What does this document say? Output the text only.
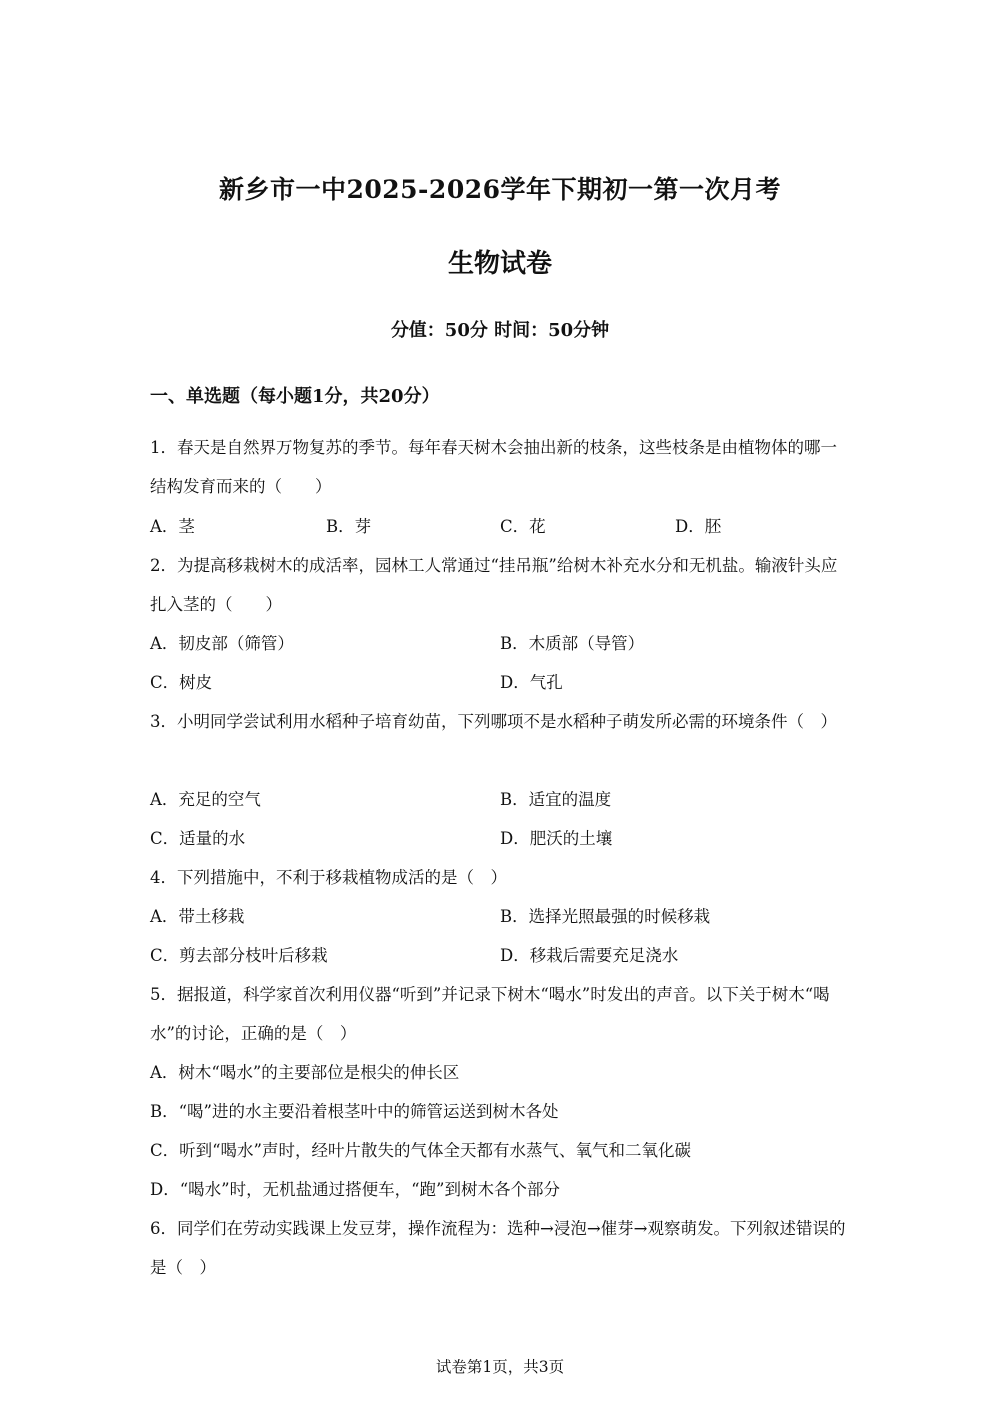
新乡市一中2025-2026学年下期初一第一次月考
生物试卷
分值：50分 时间：50分钟
一、单选题（每小题1分，共20分）

1．春天是自然界万物复苏的季节。每年春天树木会抽出新的枝条，这些枝条是由植物体的哪一结构发育而来的（　　）

A．茎	B．芽	C．花	D．胚

2．为提高移栽树木的成活率，园林工人常通过“挂吊瓶”给树木补充水分和无机盐。输液针头应扎入茎的（　　）

A．韧皮部（筛管）	B．木质部（导管）
C．树皮	D．气孔

3．小明同学尝试利用水稻种子培育幼苗，下列哪项不是水稻种子萌发所必需的环境条件（　）

A．充足的空气	B．适宜的温度
C．适量的水	D．肥沃的土壤

4．下列措施中，不利于移栽植物成活的是（　）

A．带土移栽	B．选择光照最强的时候移栽
C．剪去部分枝叶后移栽	D．移栽后需要充足浇水

5．据报道，科学家首次利用仪器“听到”并记录下树木“喝水”时发出的声音。以下关于树木“喝水”的讨论，正确的是（　）

A．树木“喝水”的主要部位是根尖的伸长区
B．“喝”进的水主要沿着根茎叶中的筛管运送到树木各处
C．听到“喝水”声时，经叶片散失的气体全天都有水蒸气、氧气和二氧化碳
D．“喝水”时，无机盐通过搭便车，“跑”到树木各个部分

6．同学们在劳动实践课上发豆芽，操作流程为：选种→浸泡→催芽→观察萌发。下列叙述错误的是（　）

试卷第1页，共3页
